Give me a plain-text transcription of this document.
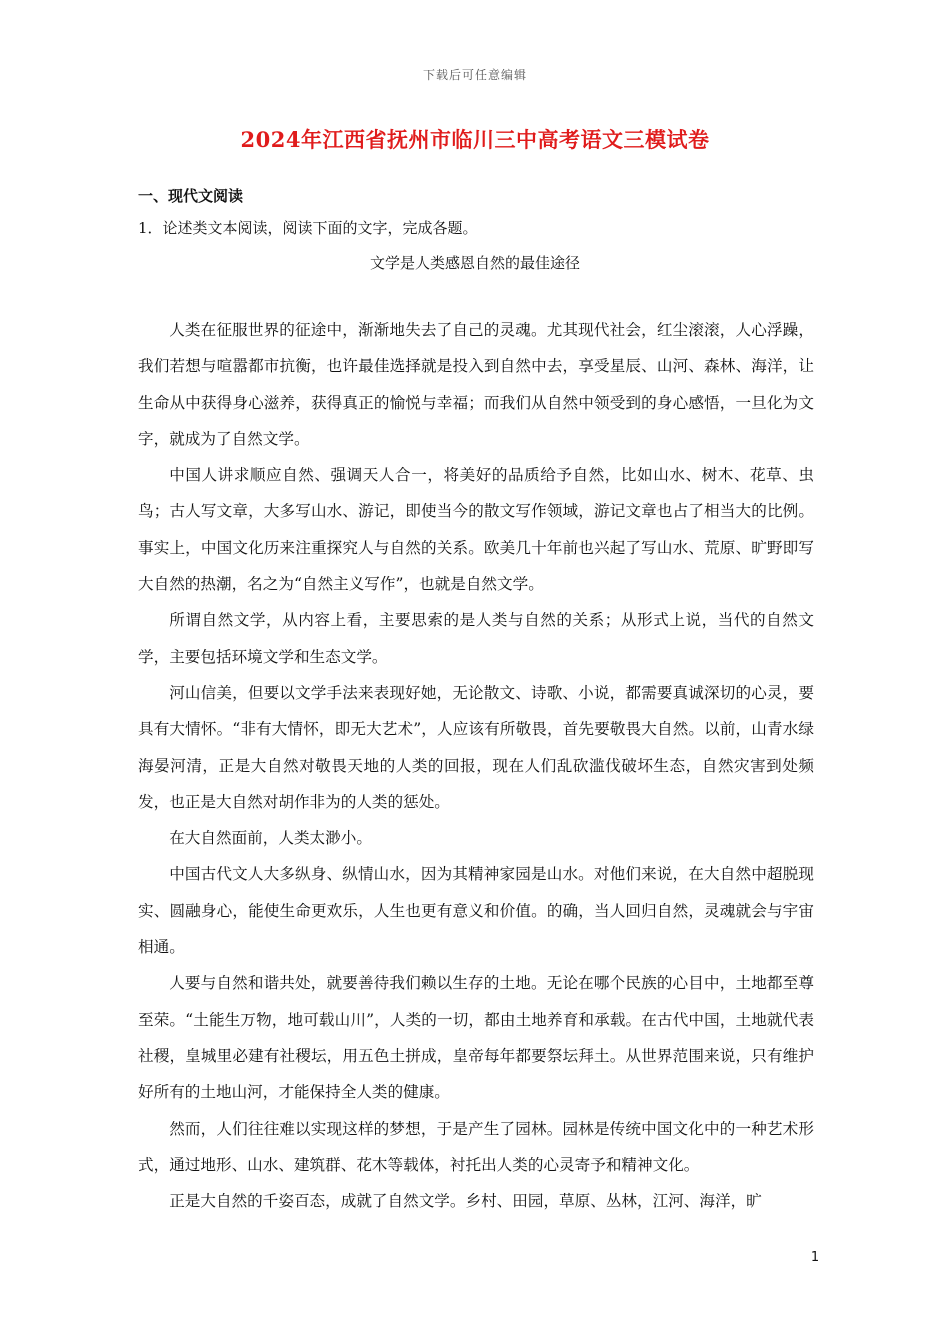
下载后可任意编辑
2024年江西省抚州市临川三中高考语文三模试卷
一、现代文阅读
1．论述类文本阅读，阅读下面的文字，完成各题。
文学是人类感恩自然的最佳途径

人类在征服世界的征途中，渐渐地失去了自己的灵魂。尤其现代社会，红尘滚滚，人心浮躁，我们若想与喧嚣都市抗衡，也许最佳选择就是投入到自然中去，享受星辰、山河、森林、海洋，让生命从中获得身心滋养，获得真正的愉悦与幸福；而我们从自然中领受到的身心感悟，一旦化为文字，就成为了自然文学。

中国人讲求顺应自然、强调天人合一，将美好的品质给予自然，比如山水、树木、花草、虫鸟；古人写文章，大多写山水、游记，即使当今的散文写作领域，游记文章也占了相当大的比例。事实上，中国文化历来注重探究人与自然的关系。欧美几十年前也兴起了写山水、荒原、旷野即写大自然的热潮，名之为“自然主义写作”，也就是自然文学。

所谓自然文学，从内容上看，主要思索的是人类与自然的关系；从形式上说，当代的自然文学，主要包括环境文学和生态文学。

河山信美，但要以文学手法来表现好她，无论散文、诗歌、小说，都需要真诚深切的心灵，要具有大情怀。“非有大情怀，即无大艺术”，人应该有所敬畏，首先要敬畏大自然。以前，山青水绿海晏河清，正是大自然对敬畏天地的人类的回报，现在人们乱砍滥伐破坏生态，自然灾害到处频发，也正是大自然对胡作非为的人类的惩处。

在大自然面前，人类太渺小。

中国古代文人大多纵身、纵情山水，因为其精神家园是山水。对他们来说，在大自然中超脱现实、圆融身心，能使生命更欢乐，人生也更有意义和价值。的确，当人回归自然，灵魂就会与宇宙相通。

人要与自然和谐共处，就要善待我们赖以生存的土地。无论在哪个民族的心目中，土地都至尊至荣。“土能生万物，地可载山川”，人类的一切，都由土地养育和承载。在古代中国，土地就代表社稷，皇城里必建有社稷坛，用五色土拼成，皇帝每年都要祭坛拜土。从世界范围来说，只有维护好所有的土地山河，才能保持全人类的健康。

然而，人们往往难以实现这样的梦想，于是产生了园林。园林是传统中国文化中的一种艺术形式，通过地形、山水、建筑群、花木等载体，衬托出人类的心灵寄予和精神文化。

正是大自然的千姿百态，成就了自然文学。乡村、田园，草原、丛林，江河、海洋，旷

1
